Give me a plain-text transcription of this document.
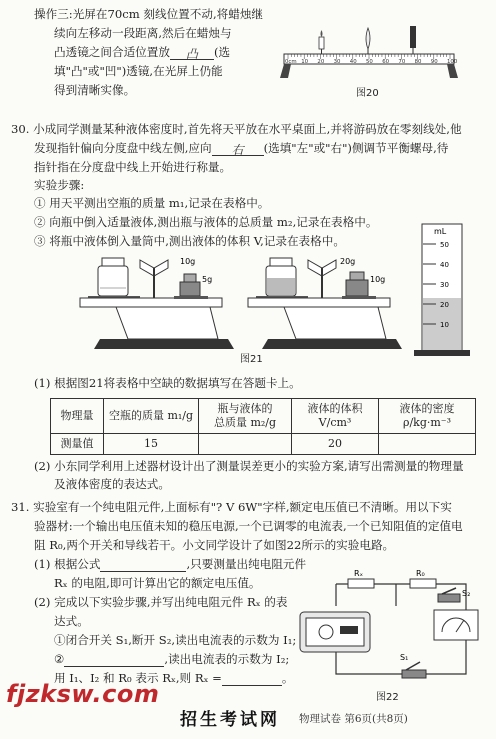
操作三:光屏在70cm 刻线位置不动,将蜡烛继
续向左移动一段距离,然后在蜡烛与
凸透镜之间合适位置放 凸 (选
填"凸"或"凹")透镜,在光屏上仍能
得到清晰实像。
0cm 10 20 30 40 50 60 70 80 90 100
图20
30. 小成同学测量某种液体密度时,首先将天平放在水平桌面上,并将游码放在零刻线处,他
发现指针偏向分度盘中线左侧,应向 右 (选填"左"或"右")侧调节平衡螺母,待
指针指在分度盘中线上开始进行称量。
实验步骤:
① 用天平测出空瓶的质量 m₁,记录在表格中。
② 向瓶中倒入适量液体,测出瓶与液体的总质量 m₂,记录在表格中。
③ 将瓶中液体倒入量筒中,测出液体的体积 V,记录在表格中。
10g
5g
20g
10g
mL
50
40
30
20
10
图21
(1) 根据图21将表格中空缺的数据填写在答题卡上。
物理量	空瓶的质量 m₁/g	瓶与液体的
总质量 m₂/g	液体的体积
V/cm³	液体的密度
ρ/kg·m⁻³
测量值	15		20	
(2) 小东同学利用上述器材设计出了测量误差更小的实验方案,请写出需测量的物理量
及液体密度的表达式。
31. 实验室有一个纯电阻元件,上面标有"? V 6W"字样,额定电压值已不清晰。用以下实
验器材:一个输出电压值未知的稳压电源,一个已调零的电流表,一个已知阻值的定值电
阻 R₀,两个开关和导线若干。小文同学设计了如图22所示的实验电路。
(1) 根据公式	,只要测量出纯电阻元件
Rₓ 的电阻,即可计算出它的额定电压值。
(2) 完成以下实验步骤,并写出纯电阻元件 Rₓ 的表
达式。
①闭合开关 S₁,断开 S₂,读出电流表的示数为 I₁;
②	,读出电流表的示数为 I₂;
用 I₁、I₂ 和 R₀ 表示 Rₓ,则 Rₓ =	。
Rₓ	R₀
S₂
S₁
图22
fjzksw.com
招生考试网 物理试卷 第6页(共8页)
